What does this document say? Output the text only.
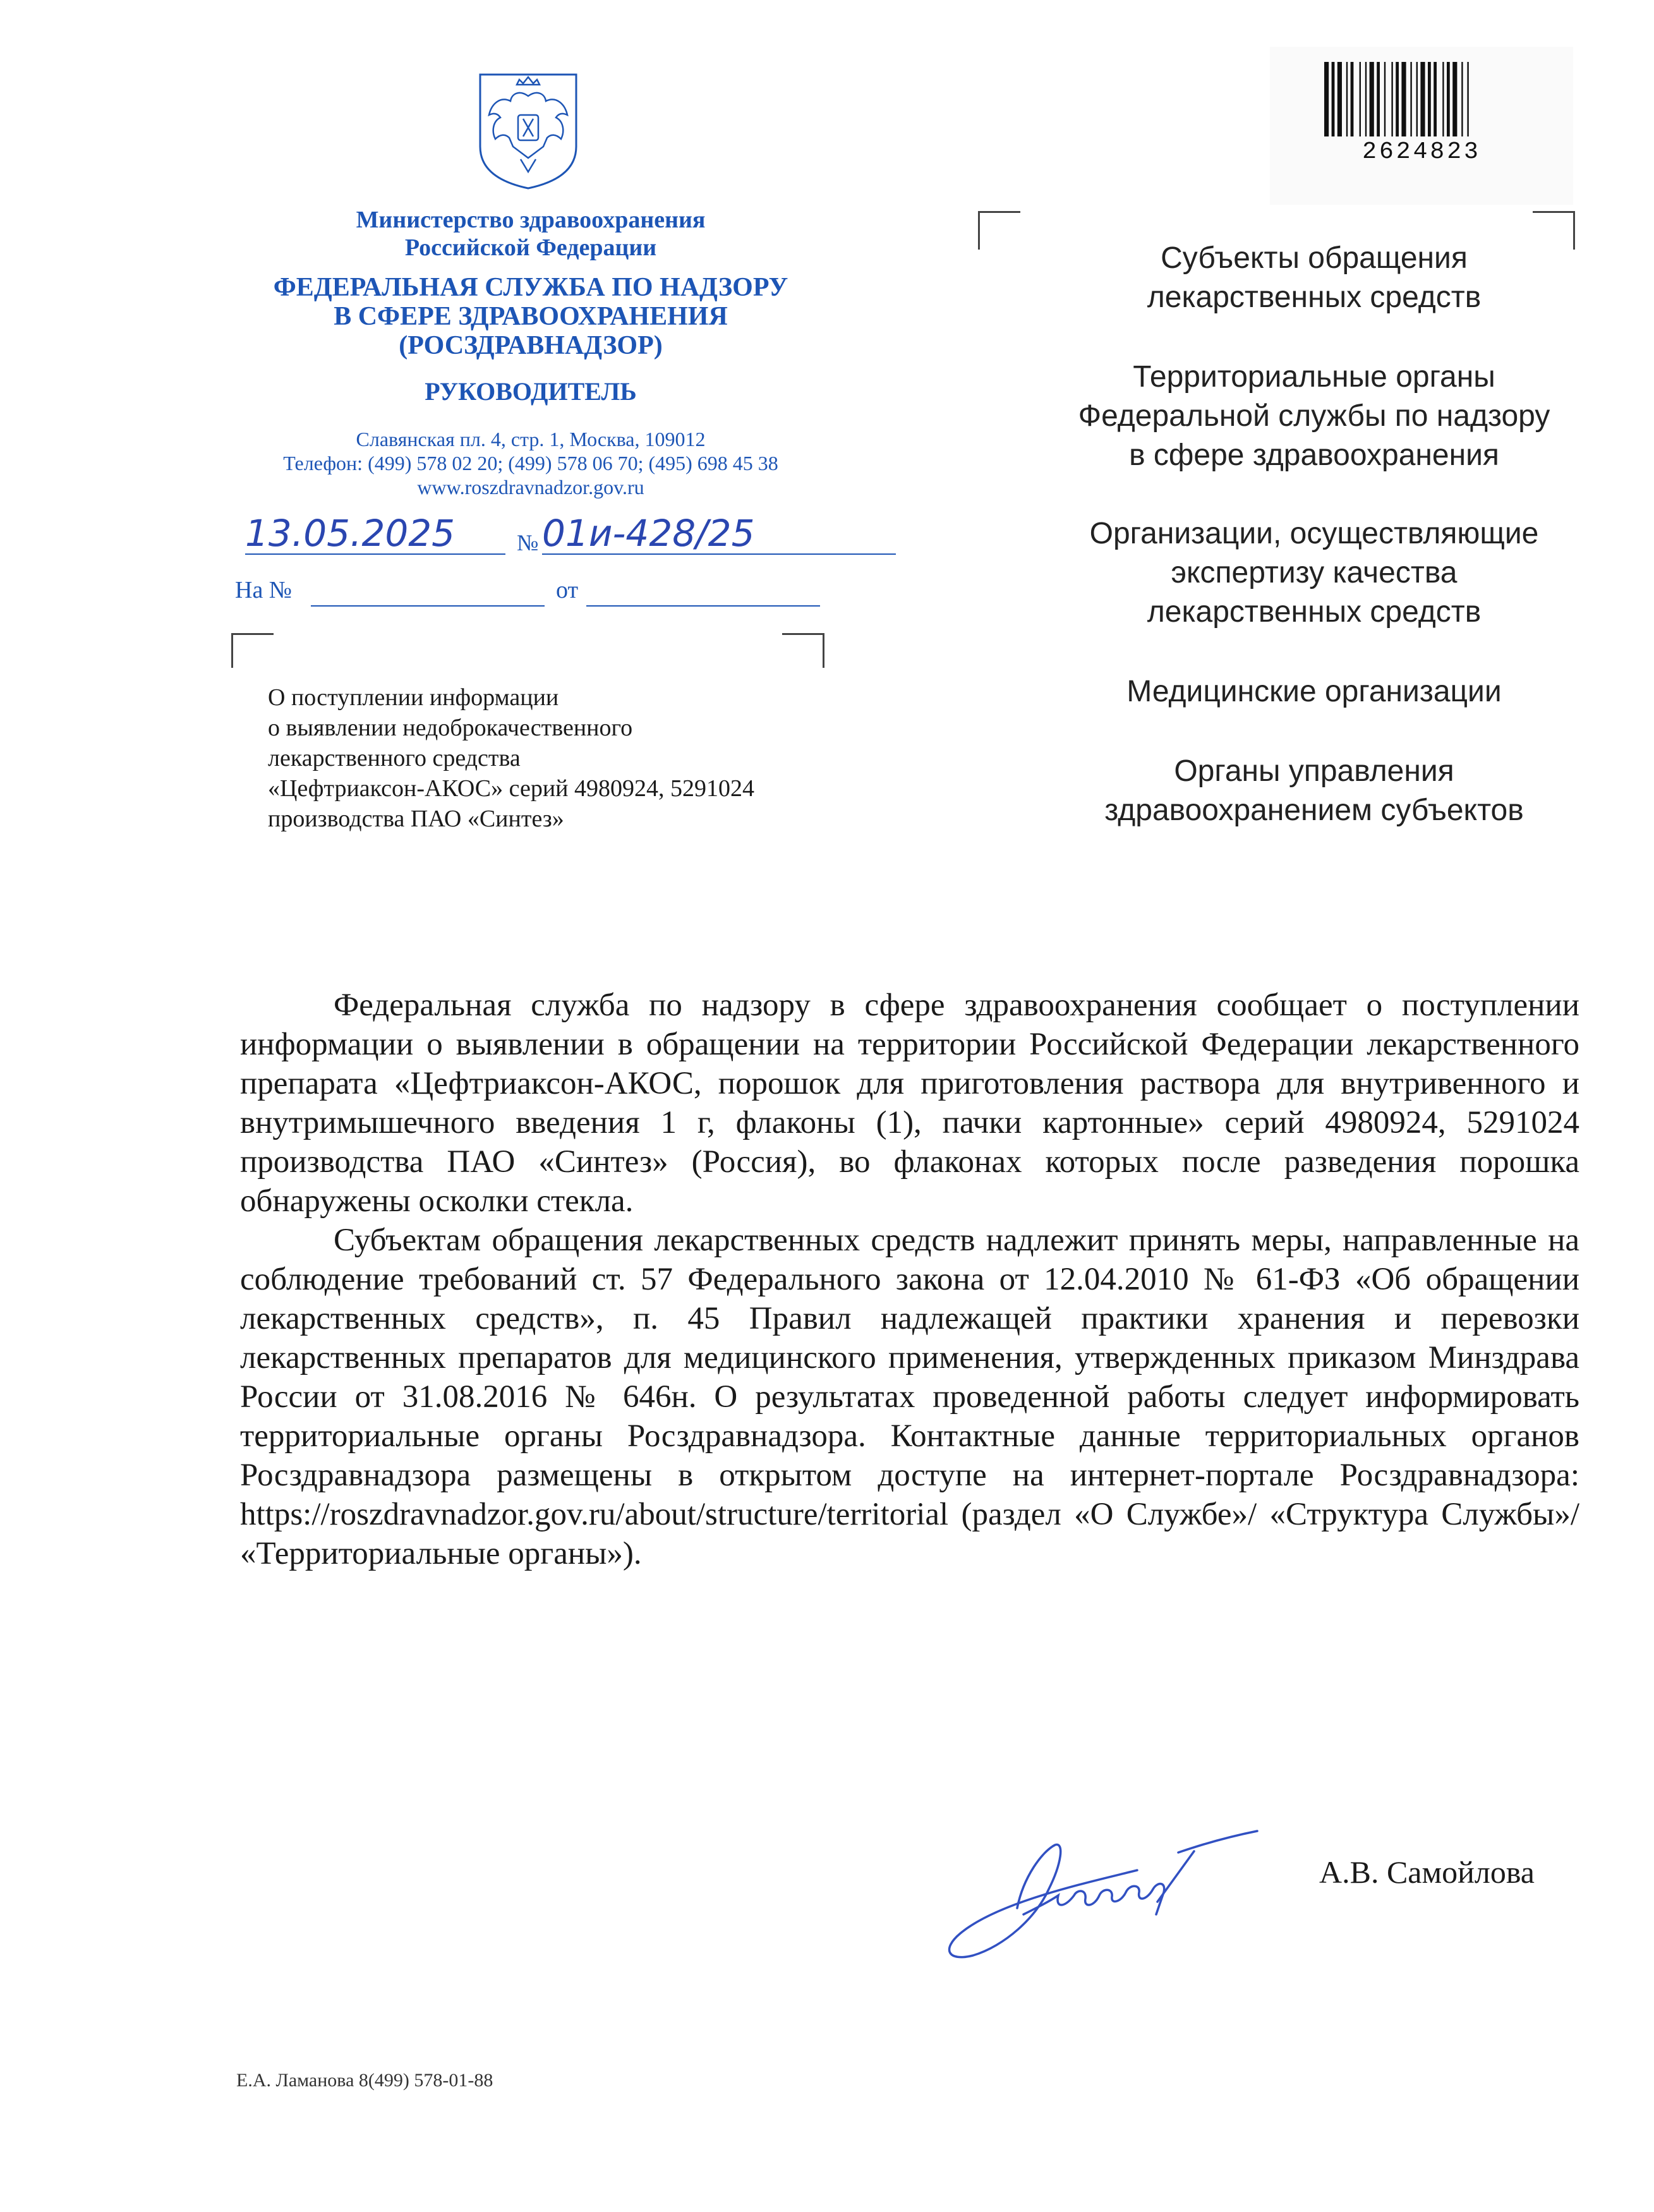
Министерство здравоохранения
Российской Федерации
ФЕДЕРАЛЬНАЯ СЛУЖБА ПО НАДЗОРУ
В СФЕРЕ ЗДРАВООХРАНЕНИЯ
(РОСЗДРАВНАДЗОР)
РУКОВОДИТЕЛЬ
Славянская пл. 4, стр. 1, Москва, 109012
Телефон: (499) 578 02 20; (499) 578 06 70; (495) 698 45 38
www.roszdravnadzor.gov.ru
13.05.2025	№ 01и-428/25
На №	от
О поступлении информации
о выявлении недоброкачественного
лекарственного средства
«Цефтриаксон-АКОС» серий 4980924, 5291024
производства ПАО «Синтез»
2624823
Субъекты обращения
лекарственных средств
Территориальные органы
Федеральной службы по надзору
в сфере здравоохранения
Организации, осуществляющие
экспертизу качества
лекарственных средств
Медицинские организации
Органы управления
здравоохранением субъектов

Федеральная служба по надзору в сфере здравоохранения сообщает о поступлении информации о выявлении в обращении на территории Российской Федерации лекарственного препарата «Цефтриаксон-АКОС, порошок для приготовления раствора для внутривенного и внутримышечного введения 1 г, флаконы (1), пачки картонные» серий 4980924, 5291024 производства ПАО «Синтез» (Россия), во флаконах которых после разведения порошка обнаружены осколки стекла.

Субъектам обращения лекарственных средств надлежит принять меры, направленные на соблюдение требований ст. 57 Федерального закона от 12.04.2010 № 61-ФЗ «Об обращении лекарственных средств», п. 45 Правил надлежащей практики хранения и перевозки лекарственных препаратов для медицинского применения, утвержденных приказом Минздрава России от 31.08.2016 № 646н. О результатах проведенной работы следует информировать территориальные органы Росздравнадзора. Контактные данные территориальных органов Росздравнадзора размещены в открытом доступе на интернет-портале Росздравнадзора: https://roszdravnadzor.gov.ru/about/structure/territorial (раздел «О Службе»/ «Структура Службы»/ «Территориальные органы»).

А.В. Самойлова
Е.А. Ламанова 8(499) 578-01-88
